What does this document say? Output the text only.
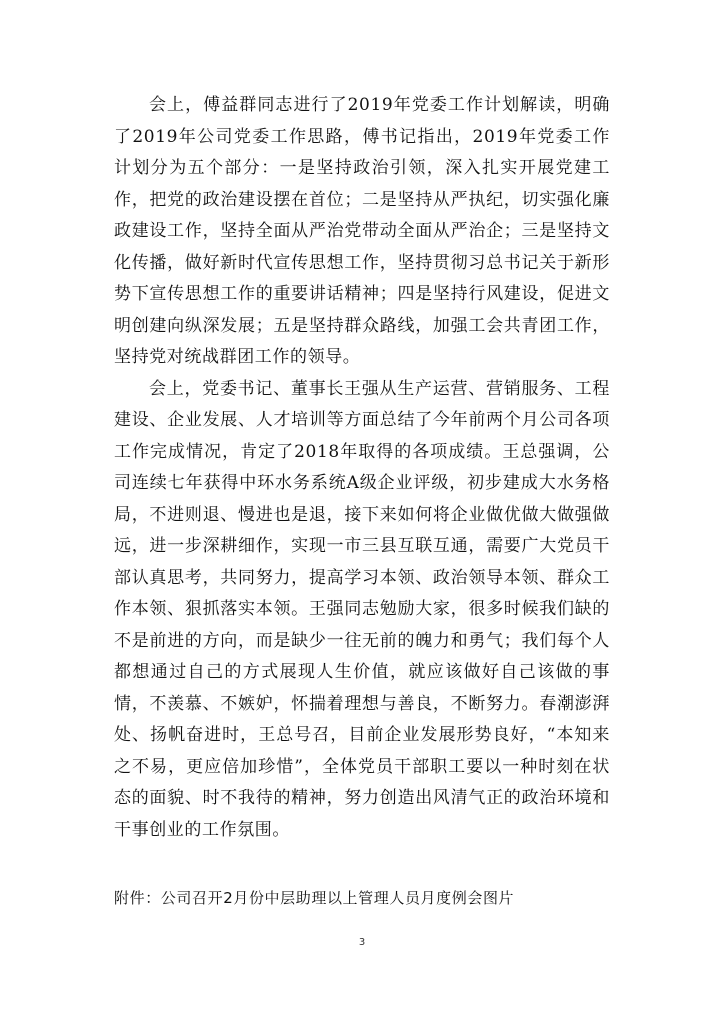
会上，傅益群同志进行了2019年党委工作计划解读，明确了2019年公司党委工作思路，傅书记指出，2019年党委工作计划分为五个部分：一是坚持政治引领，深入扎实开展党建工作，把党的政治建设摆在首位；二是坚持从严执纪，切实强化廉政建设工作，坚持全面从严治党带动全面从严治企；三是坚持文化传播，做好新时代宣传思想工作，坚持贯彻习总书记关于新形势下宣传思想工作的重要讲话精神；四是坚持行风建设，促进文明创建向纵深发展；五是坚持群众路线，加强工会共青团工作，坚持党对统战群团工作的领导。

会上，党委书记、董事长王强从生产运营、营销服务、工程建设、企业发展、人才培训等方面总结了今年前两个月公司各项工作完成情况，肯定了2018年取得的各项成绩。王总强调，公司连续七年获得中环水务系统A级企业评级，初步建成大水务格局，不进则退、慢进也是退，接下来如何将企业做优做大做强做远，进一步深耕细作，实现一市三县互联互通，需要广大党员干部认真思考，共同努力，提高学习本领、政治领导本领、群众工作本领、狠抓落实本领。王强同志勉励大家，很多时候我们缺的不是前进的方向，而是缺少一往无前的魄力和勇气；我们每个人都想通过自己的方式展现人生价值，就应该做好自己该做的事情，不羡慕、不嫉妒，怀揣着理想与善良，不断努力。春潮澎湃处、扬帆奋进时，王总号召，目前企业发展形势良好，“本知来之不易，更应倍加珍惜”，全体党员干部职工要以一种时刻在状态的面貌、时不我待的精神，努力创造出风清气正的政治环境和干事创业的工作氛围。

附件：公司召开2月份中层助理以上管理人员月度例会图片
3
